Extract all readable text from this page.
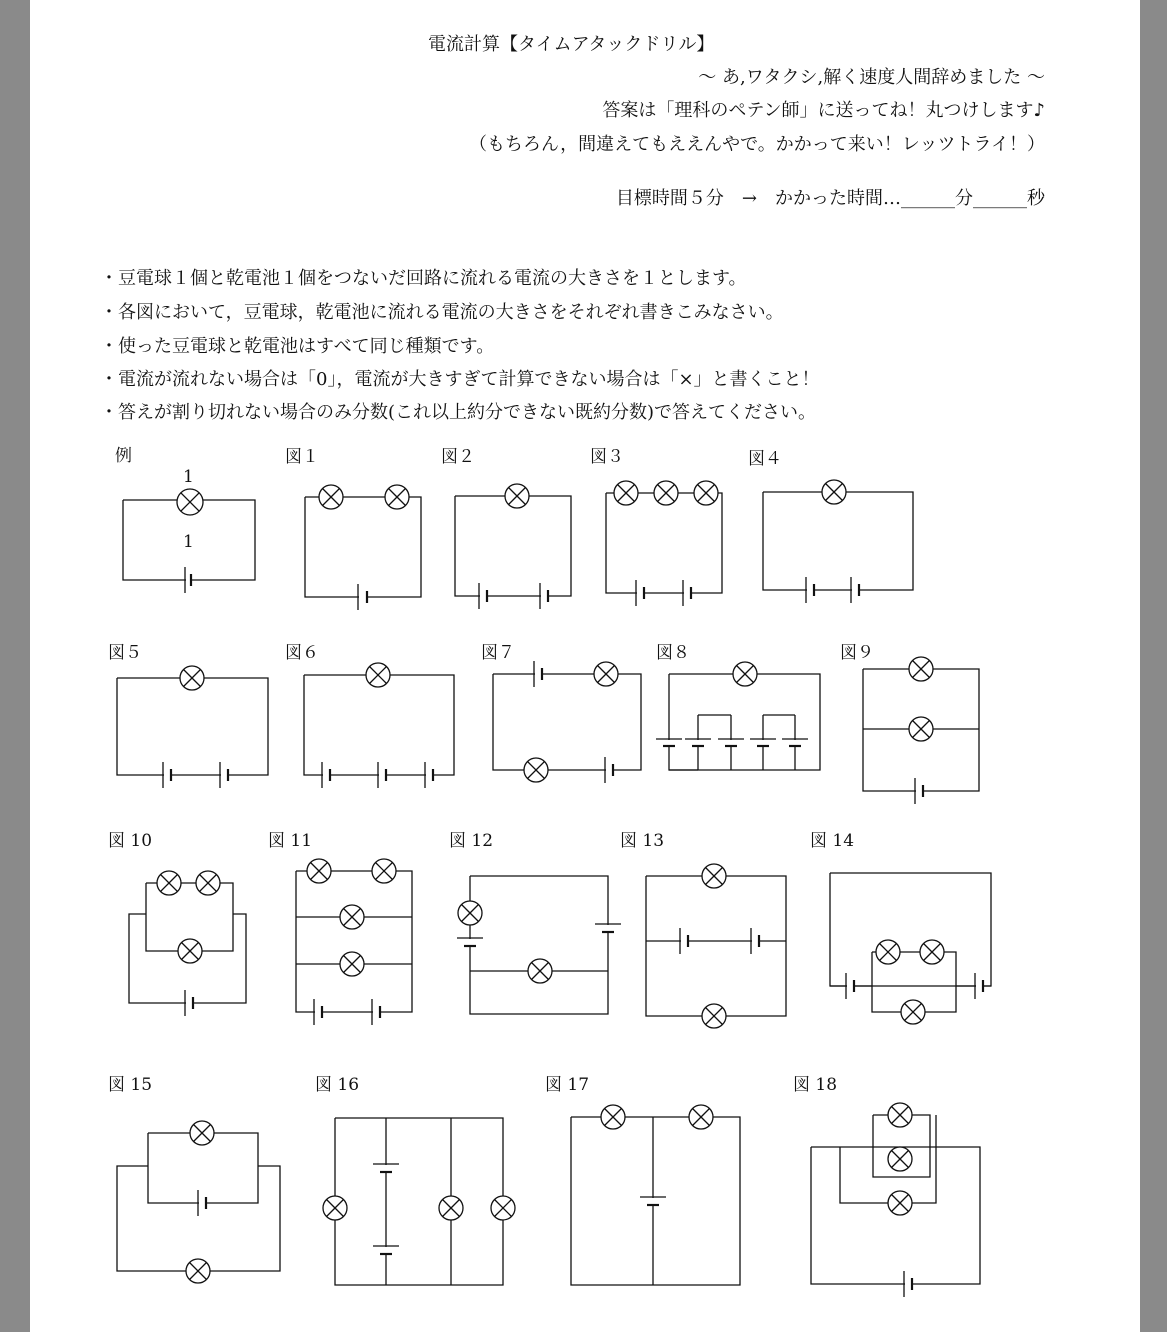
電流計算【タイムアタックドリル】
～ あ,ワタクシ,解く速度人間辞めました ～
答案は「理科のペテン師」に送ってね！丸つけします♪
（もちろん，間違えてもええんやで。かかって来い！レッツトライ！）
目標時間５分　→　かかった時間…______分______秒
・豆電球１個と乾電池１個をつないだ回路に流れる電流の大きさを１とします。
・各図において，豆電球，乾電池に流れる電流の大きさをそれぞれ書きこみなさい。
・使った豆電球と乾電池はすべて同じ種類です。
・電流が流れない場合は「0」，電流が大きすぎて計算できない場合は「×」と書くこと！
・答えが割り切れない場合のみ分数(これ以上約分できない既約分数)で答えてください。
例	図１	図２	図３	図４
図５	図６	図７	図８	図９
図 10	図 11	図 12	図 13	図 14
図 15	図 16	図 17	図 18
1
1
